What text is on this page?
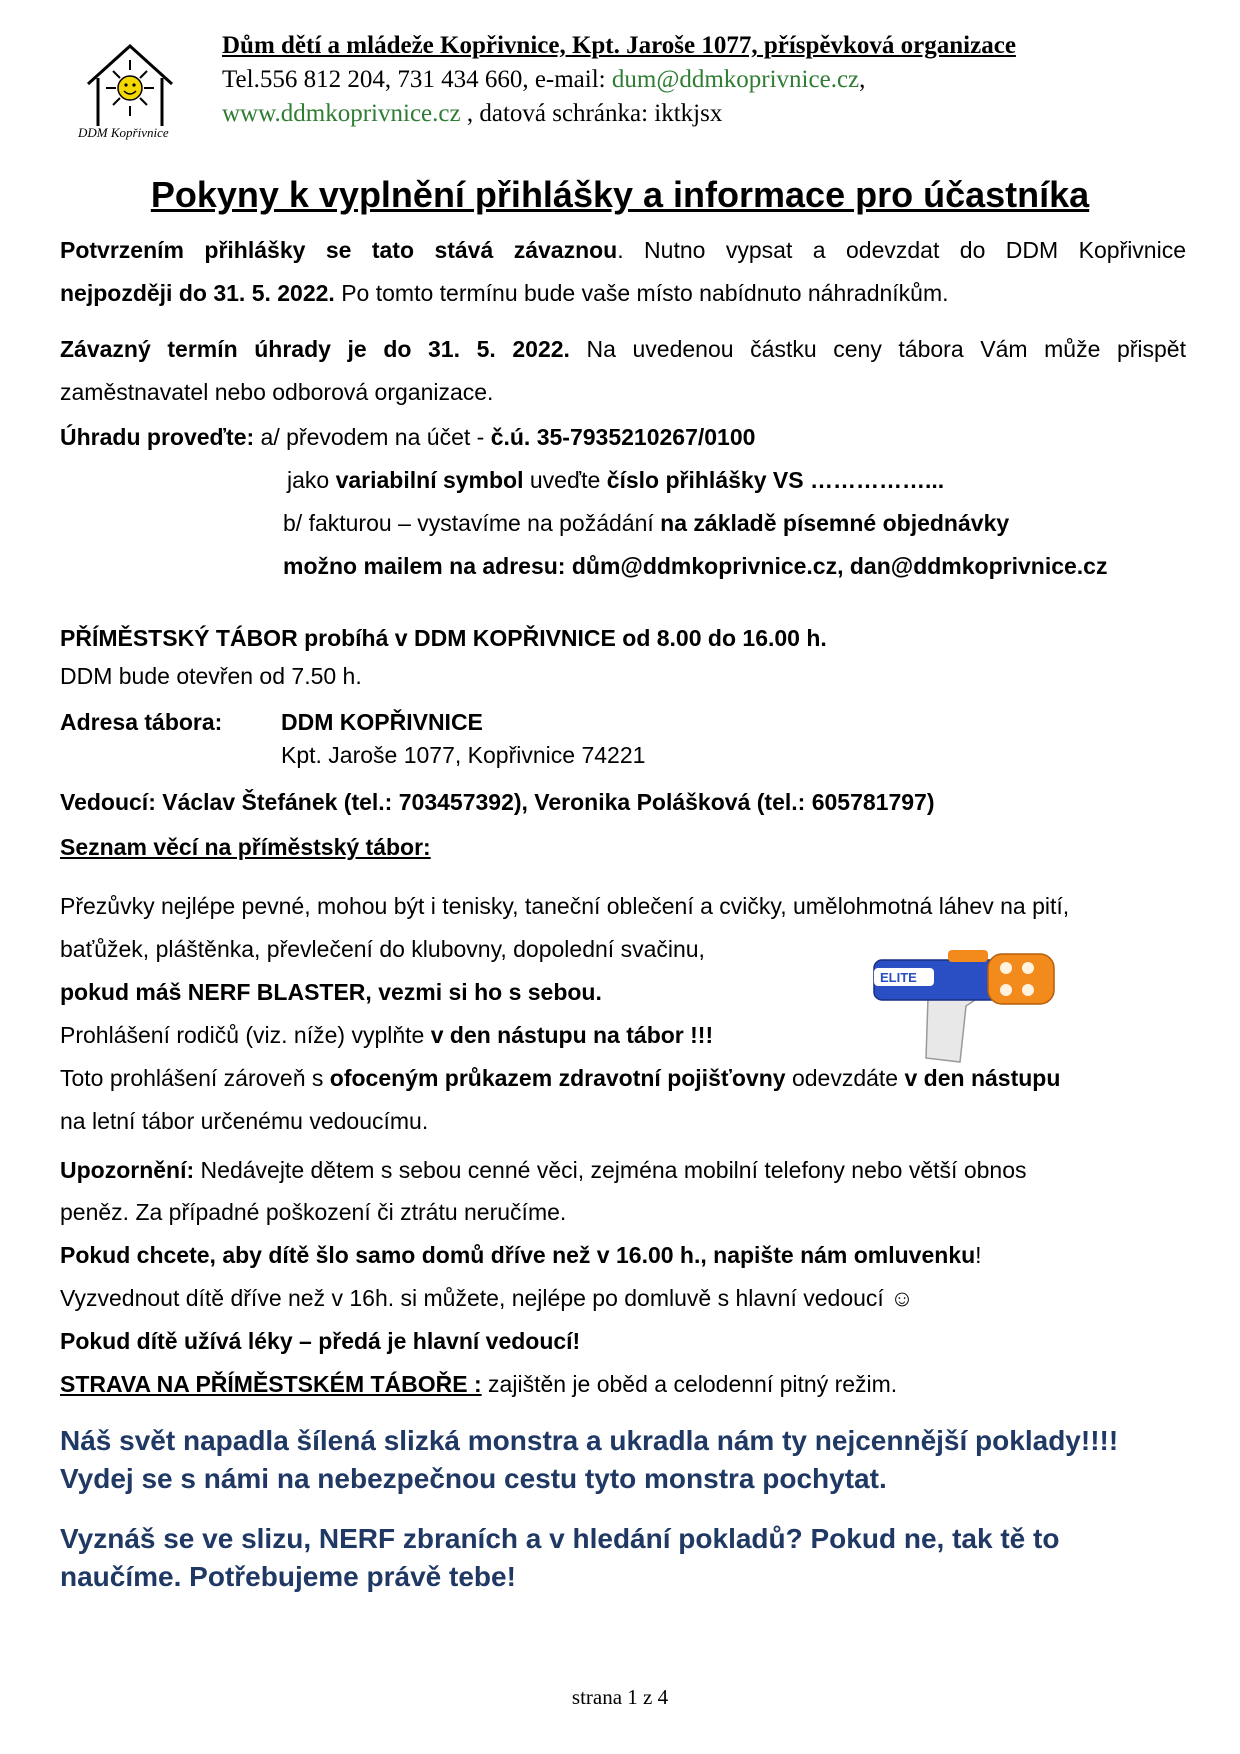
DDM Kopřivnice
Dům dětí a mládeže Kopřivnice, Kpt. Jaroše 1077, příspěvková organizace
Tel.556 812 204, 731 434 660, e-mail: dum@ddmkoprivnice.cz,
www.ddmkoprivnice.cz , datová schránka: iktkjsx
Pokyny k vyplnění přihlášky a informace pro účastníka
Potvrzením přihlášky se tato stává závaznou. Nutno vypsat a odevzdat do DDM Kopřivnice
nejpozději do 31. 5. 2022. Po tomto termínu bude vaše místo nabídnuto náhradníkům.
Závazný termín úhrady je do 31. 5. 2022. Na uvedenou částku ceny tábora Vám může přispět
zaměstnavatel nebo odborová organizace.
Úhradu proveďte: a/ převodem na účet - č.ú. 35-7935210267/0100
jako variabilní symbol uveďte číslo přihlášky VS ……………...
b/ fakturou – vystavíme na požádání na základě písemné objednávky
možno mailem na adresu: dům@ddmkoprivnice.cz, dan@ddmkoprivnice.cz
PŘÍMĚSTSKÝ TÁBOR probíhá v DDM KOPŘIVNICE od 8.00 do 16.00 h.
DDM bude otevřen od 7.50 h.
Adresa tábora:	DDM KOPŘIVNICE
Kpt. Jaroše 1077, Kopřivnice 74221
Vedoucí: Václav Štefánek (tel.: 703457392), Veronika Polášková (tel.: 605781797)
Seznam věcí na příměstský tábor:
Přezůvky nejlépe pevné, mohou být i tenisky, taneční oblečení a cvičky, umělohmotná láhev na pití,
baťůžek, pláštěnka, převlečení do klubovny, dopolední svačinu,
pokud máš NERF BLASTER, vezmi si ho s sebou.
Prohlášení rodičů (viz. níže) vyplňte v den nástupu na tábor !!!
ELITE
Toto prohlášení zároveň s ofoceným průkazem zdravotní pojišťovny odevzdáte v den nástupu
na letní tábor určenému vedoucímu.
Upozornění: Nedávejte dětem s sebou cenné věci, zejména mobilní telefony nebo větší obnos
peněz. Za případné poškození či ztrátu neručíme.
Pokud chcete, aby dítě šlo samo domů dříve než v 16.00 h., napište nám omluvenku!
Vyzvednout dítě dříve než v 16h. si můžete, nejlépe po domluvě s hlavní vedoucí ☺
Pokud dítě užívá léky – předá je hlavní vedoucí!
STRAVA NA PŘÍMĚSTSKÉM TÁBOŘE : zajištěn je oběd a celodenní pitný režim.
Náš svět napadla šílená slizká monstra a ukradla nám ty nejcennější poklady!!!!
Vydej se s námi na nebezpečnou cestu tyto monstra pochytat.
Vyznáš se ve slizu, NERF zbraních a v hledání pokladů? Pokud ne, tak tě to
naučíme. Potřebujeme právě tebe!
strana 1 z 4
